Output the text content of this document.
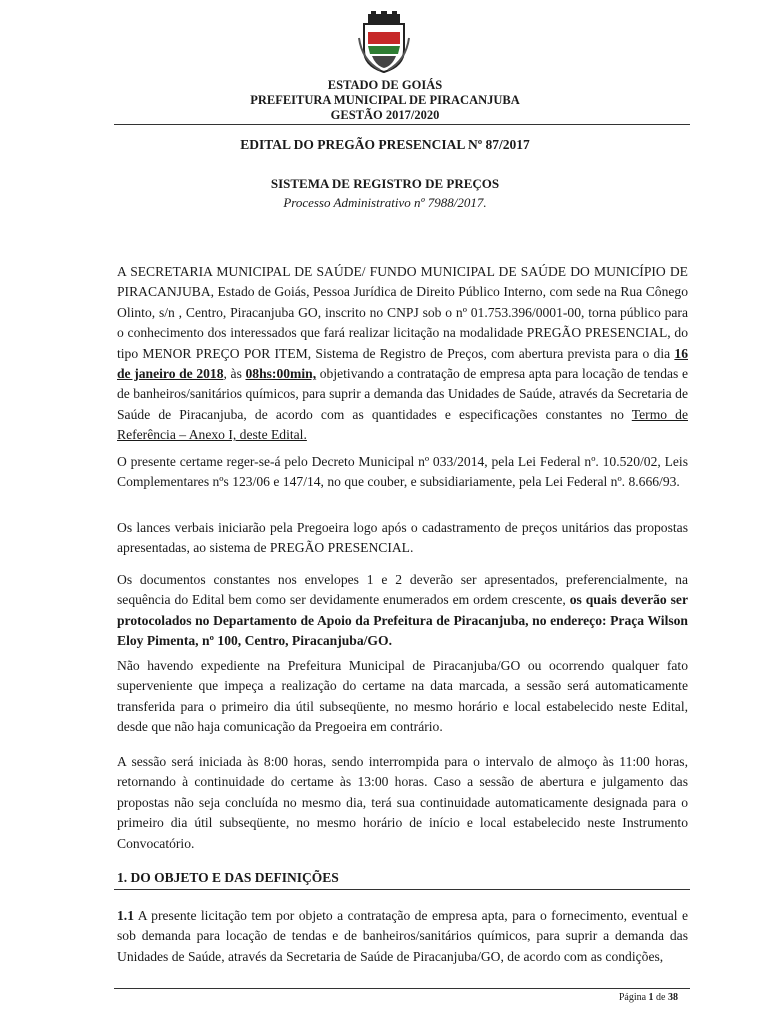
ESTADO DE GOIÁS
PREFEITURA MUNICIPAL DE PIRACANJUBA
GESTÃO 2017/2020
EDITAL DO PREGÃO PRESENCIAL Nº 87/2017
SISTEMA DE REGISTRO DE PREÇOS
Processo Administrativo nº 7988/2017.
A SECRETARIA MUNICIPAL DE SAÚDE/ FUNDO MUNICIPAL DE SAÚDE DO MUNICÍPIO DE PIRACANJUBA, Estado de Goiás, Pessoa Jurídica de Direito Público Interno, com sede na Rua Cônego Olinto, s/n , Centro, Piracanjuba GO, inscrito no CNPJ sob o nº 01.753.396/0001-00, torna público para o conhecimento dos interessados que fará realizar licitação na modalidade PREGÃO PRESENCIAL, do tipo MENOR PREÇO POR ITEM, Sistema de Registro de Preços, com abertura prevista para o dia 16 de janeiro de 2018, às 08hs:00min, objetivando a contratação de empresa apta para locação de tendas e de banheiros/sanitários químicos, para suprir a demanda das Unidades de Saúde, através da Secretaria de Saúde de Piracanjuba, de acordo com as quantidades e especificações constantes no Termo de Referência – Anexo I, deste Edital.
O presente certame reger-se-á pelo Decreto Municipal nº 033/2014, pela Lei Federal nº. 10.520/02, Leis Complementares nºs 123/06 e 147/14, no que couber, e subsidiariamente, pela Lei Federal nº. 8.666/93.
Os lances verbais iniciarão pela Pregoeira logo após o cadastramento de preços unitários das propostas apresentadas, ao sistema de PREGÃO PRESENCIAL.
Os documentos constantes nos envelopes 1 e 2 deverão ser apresentados, preferencialmente, na sequência do Edital bem como ser devidamente enumerados em ordem crescente, os quais deverão ser protocolados no Departamento de Apoio da Prefeitura de Piracanjuba, no endereço: Praça Wilson Eloy Pimenta, nº 100, Centro, Piracanjuba/GO.
Não havendo expediente na Prefeitura Municipal de Piracanjuba/GO ou ocorrendo qualquer fato superveniente que impeça a realização do certame na data marcada, a sessão será automaticamente transferida para o primeiro dia útil subseqüente, no mesmo horário e local estabelecido neste Edital, desde que não haja comunicação da Pregoeira em contrário.
A sessão será iniciada às 8:00 horas, sendo interrompida para o intervalo de almoço às 11:00 horas, retornando à continuidade do certame às 13:00 horas. Caso a sessão de abertura e julgamento das propostas não seja concluída no mesmo dia, terá sua continuidade automaticamente designada para o primeiro dia útil subseqüente, no mesmo horário de início e local estabelecido neste Instrumento Convocatório.
1. DO OBJETO E DAS DEFINIÇÕES
1.1 A presente licitação tem por objeto a contratação de empresa apta, para o fornecimento, eventual e sob demanda para locação de tendas e de banheiros/sanitários químicos, para suprir a demanda das Unidades de Saúde, através da Secretaria de Saúde de Piracanjuba/GO, de acordo com as condições,
Página 1 de 38
